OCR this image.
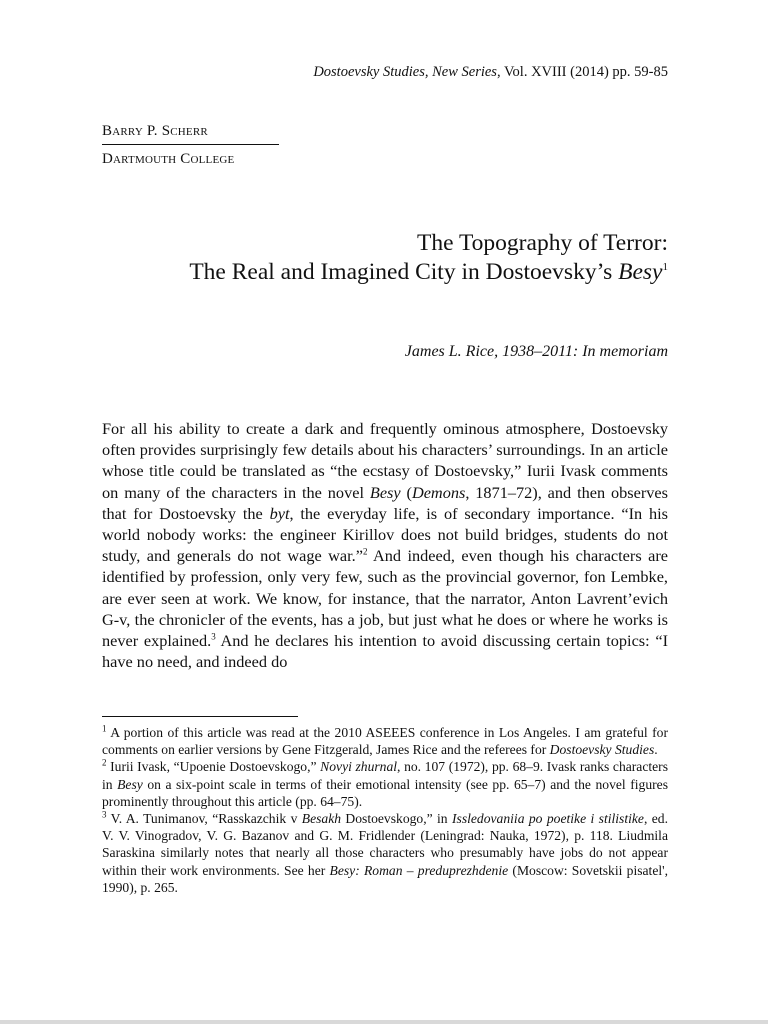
Dostoevsky Studies, New Series, Vol. XVIII (2014) pp. 59-85
Barry P. Scherr
Dartmouth College
The Topography of Terror:
The Real and Imagined City in Dostoevsky’s Besy$^1$
James L. Rice, 1938–2011: In memoriam

For all his ability to create a dark and frequently ominous atmosphere, Dostoevsky often provides surprisingly few details about his characters’ surroundings. In an article whose title could be translated as “the ecstasy of Dostoevsky,” Iurii Ivask comments on many of the characters in the novel Besy (Demons, 1871–72), and then observes that for Dostoevsky the byt, the everyday life, is of secondary importance. “In his world nobody works: the engineer Kirillov does not build bridges, students do not study, and generals do not wage war.”$^2$ And indeed, even though his characters are identified by profession, only very few, such as the provincial governor, fon Lembke, are ever seen at work. We know, for instance, that the narrator, Anton Lavrent’evich G-v, the chronicler of the events, has a job, but just what he does or where he works is never explained.$^3$ And he declares his intention to avoid discussing certain topics: “I have no need, and indeed do

$^1$ A portion of this article was read at the 2010 ASEEES conference in Los Angeles. I am grateful for comments on earlier versions by Gene Fitzgerald, James Rice and the referees for Dostoevsky Studies.

$^2$ Iurii Ivask, “Upoenie Dostoevskogo,” Novyi zhurnal, no. 107 (1972), pp. 68–9. Ivask ranks characters in Besy on a six-point scale in terms of their emotional intensity (see pp. 65–7) and the novel figures prominently throughout this article (pp. 64–75).

$^3$ V. A. Tunimanov, “Rasskazchik v Besakh Dostoevskogo,” in Issledovaniia po poetike i stilistike, ed. V. V. Vinogradov, V. G. Bazanov and G. M. Fridlender (Leningrad: Nauka, 1972), p. 118. Liudmila Saraskina similarly notes that nearly all those characters who presumably have jobs do not appear within their work environments. See her Besy: Roman – preduprezhdenie (Moscow: Sovetskii pisatel', 1990), p. 265.
